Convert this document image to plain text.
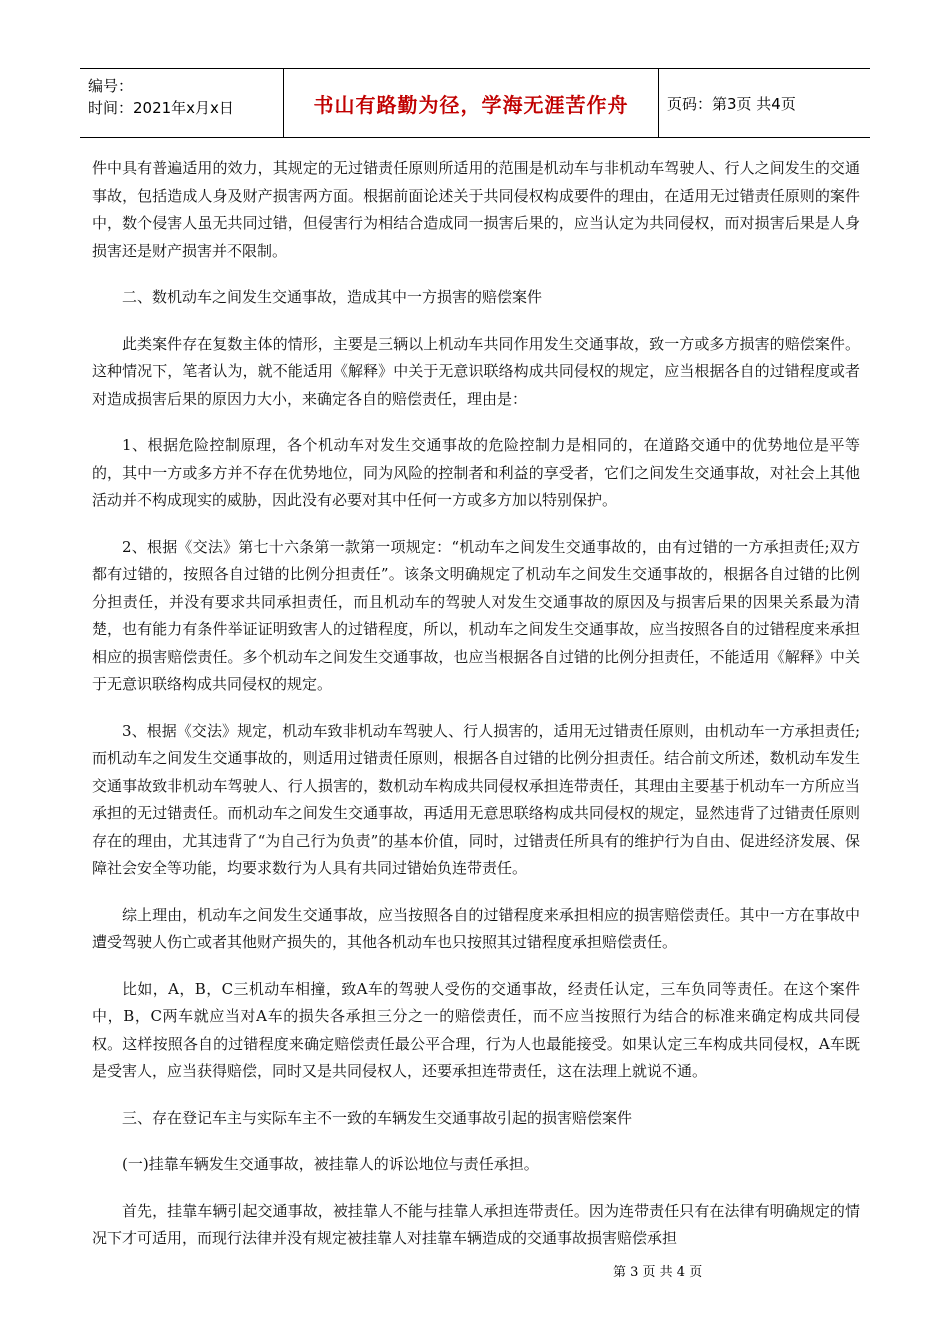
编号：
时间：2021年x月x日	书山有路勤为径，学海无涯苦作舟	页码：第3页 共4页

件中具有普遍适用的效力，其规定的无过错责任原则所适用的范围是机动车与非机动车驾驶人、行人之间发生的交通事故，包括造成人身及财产损害两方面。根据前面论述关于共同侵权构成要件的理由，在适用无过错责任原则的案件中，数个侵害人虽无共同过错，但侵害行为相结合造成同一损害后果的，应当认定为共同侵权，而对损害后果是人身损害还是财产损害并不限制。

二、数机动车之间发生交通事故，造成其中一方损害的赔偿案件

此类案件存在复数主体的情形，主要是三辆以上机动车共同作用发生交通事故，致一方或多方损害的赔偿案件。这种情况下，笔者认为，就不能适用《解释》中关于无意识联络构成共同侵权的规定，应当根据各自的过错程度或者对造成损害后果的原因力大小，来确定各自的赔偿责任，理由是：

1、根据危险控制原理，各个机动车对发生交通事故的危险控制力是相同的，在道路交通中的优势地位是平等的，其中一方或多方并不存在优势地位，同为风险的控制者和利益的享受者，它们之间发生交通事故，对社会上其他活动并不构成现实的威胁，因此没有必要对其中任何一方或多方加以特别保护。

2、根据《交法》第七十六条第一款第一项规定：“机动车之间发生交通事故的，由有过错的一方承担责任;双方都有过错的，按照各自过错的比例分担责任”。该条文明确规定了机动车之间发生交通事故的，根据各自过错的比例分担责任，并没有要求共同承担责任，而且机动车的驾驶人对发生交通事故的原因及与损害后果的因果关系最为清楚，也有能力有条件举证证明致害人的过错程度，所以，机动车之间发生交通事故，应当按照各自的过错程度来承担相应的损害赔偿责任。多个机动车之间发生交通事故，也应当根据各自过错的比例分担责任，不能适用《解释》中关于无意识联络构成共同侵权的规定。

3、根据《交法》规定，机动车致非机动车驾驶人、行人损害的，适用无过错责任原则，由机动车一方承担责任;而机动车之间发生交通事故的，则适用过错责任原则，根据各自过错的比例分担责任。结合前文所述，数机动车发生交通事故致非机动车驾驶人、行人损害的，数机动车构成共同侵权承担连带责任，其理由主要基于机动车一方所应当承担的无过错责任。而机动车之间发生交通事故，再适用无意思联络构成共同侵权的规定，显然违背了过错责任原则存在的理由，尤其违背了“为自己行为负责”的基本价值，同时，过错责任所具有的维护行为自由、促进经济发展、保障社会安全等功能，均要求数行为人具有共同过错始负连带责任。

综上理由，机动车之间发生交通事故，应当按照各自的过错程度来承担相应的损害赔偿责任。其中一方在事故中遭受驾驶人伤亡或者其他财产损失的，其他各机动车也只按照其过错程度承担赔偿责任。

比如，A，B，C三机动车相撞，致A车的驾驶人受伤的交通事故，经责任认定，三车负同等责任。在这个案件中，B，C两车就应当对A车的损失各承担三分之一的赔偿责任，而不应当按照行为结合的标准来确定构成共同侵权。这样按照各自的过错程度来确定赔偿责任最公平合理，行为人也最能接受。如果认定三车构成共同侵权，A车既是受害人，应当获得赔偿，同时又是共同侵权人，还要承担连带责任，这在法理上就说不通。

三、存在登记车主与实际车主不一致的车辆发生交通事故引起的损害赔偿案件

(一)挂靠车辆发生交通事故，被挂靠人的诉讼地位与责任承担。

首先，挂靠车辆引起交通事故，被挂靠人不能与挂靠人承担连带责任。因为连带责任只有在法律有明确规定的情况下才可适用，而现行法律并没有规定被挂靠人对挂靠车辆造成的交通事故损害赔偿承担

第 3 页 共 4 页
